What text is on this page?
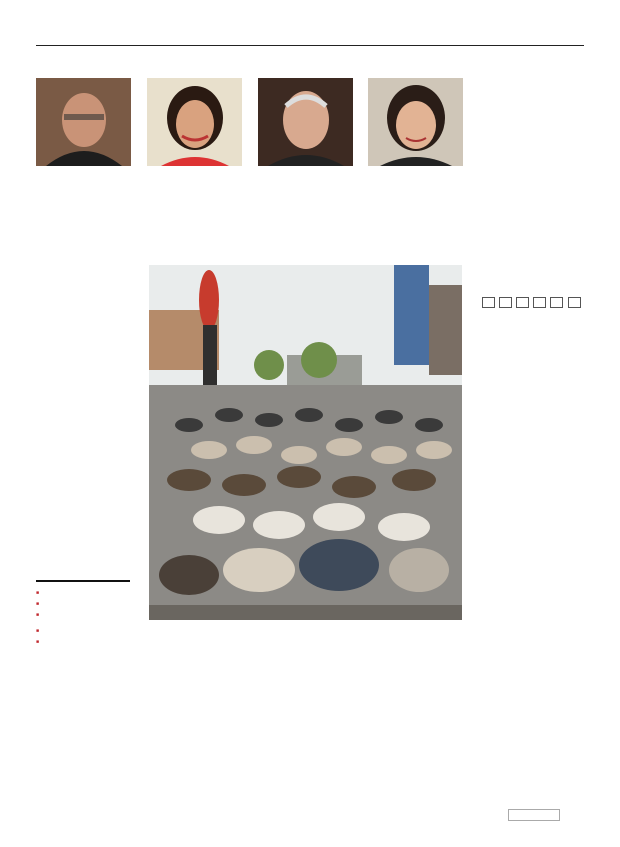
■
■
■
■
■
